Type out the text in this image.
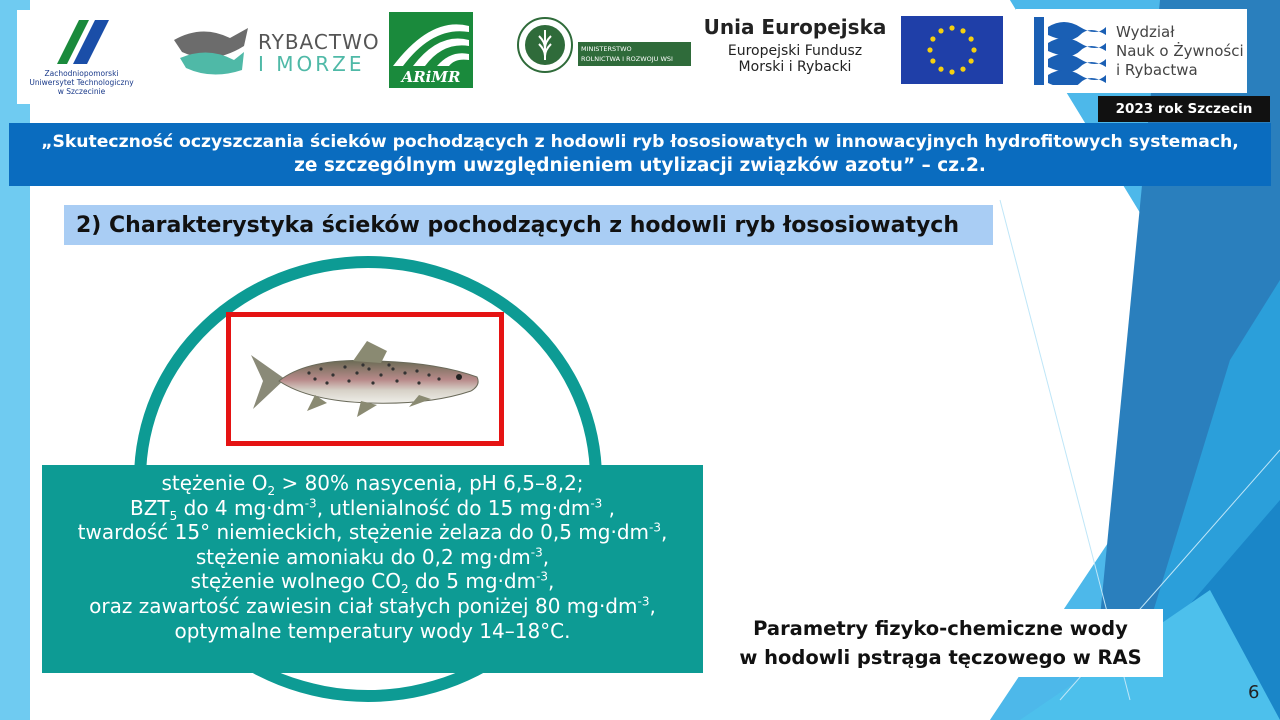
Zachodniopomorski
Uniwersytet Technologiczny
w Szczecinie
RYBACTWO
I MORZE
ARiMR
MINISTERSTWO
ROLNICTWA I ROZWOJU WSI
Unia Europejska
Europejski Fundusz
Morski i Rybacki
Wydział
Nauk o Żywności
i Rybactwa
2023 rok Szczecin
„Skuteczność oczyszczania ścieków pochodzących z hodowli ryb łososiowatych w innowacyjnych hydrofitowych systemach,
ze szczególnym uwzględnieniem utylizacji związków azotu” – cz.2.
2) Charakterystyka ścieków pochodzących z hodowli ryb łososiowatych
stężenie $O_2 > 80\%$ nasycenia, pH 6,5–8,2;
$BZT_5$ do 4 $mg\cdot dm^{-3}$, utlenialność do 15 $mg\cdot dm^{-3}$ ,
twardość 15° niemieckich, stężenie żelaza do 0,5 $mg\cdot dm^{-3}$,
stężenie amoniaku do 0,2 $mg\cdot dm^{-3}$,
stężenie wolnego $CO_2$ do 5 $mg\cdot dm^{-3}$,
oraz zawartość zawiesin ciał stałych poniżej 80 $mg\cdot dm^{-3}$,
optymalne temperatury wody 14–18°C.	Parametry fizyko-chemiczne wody
w hodowli pstrąga tęczowego w RAS
6
